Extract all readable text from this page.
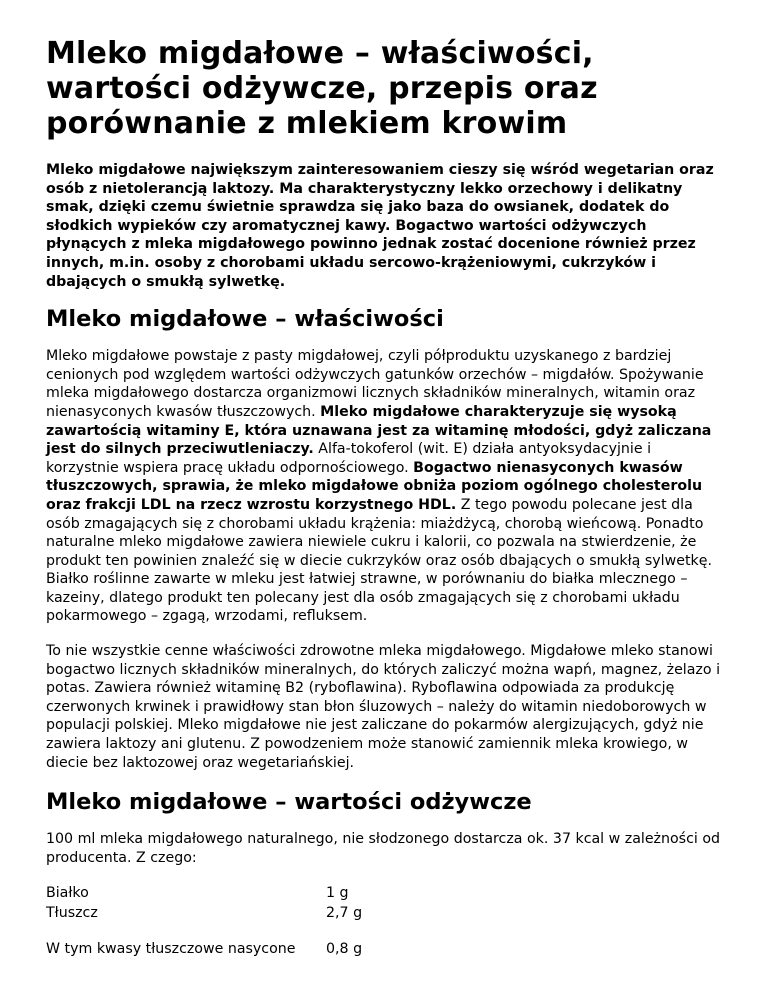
Mleko migdałowe – właściwości, wartości odżywcze, przepis oraz porównanie z mlekiem krowim

Mleko migdałowe największym zainteresowaniem cieszy się wśród wegetarian oraz osób z nietolerancją laktozy. Ma charakterystyczny lekko orzechowy i delikatny smak, dzięki czemu świetnie sprawdza się jako baza do owsianek, dodatek do słodkich wypieków czy aromatycznej kawy. Bogactwo wartości odżywczych płynących z mleka migdałowego powinno jednak zostać docenione również przez innych, m.in. osoby z chorobami układu sercowo-krążeniowymi, cukrzyków i dbających o smukłą sylwetkę.

Mleko migdałowe – właściwości

Mleko migdałowe powstaje z pasty migdałowej, czyli półproduktu uzyskanego z bardziej cenionych pod względem wartości odżywczych gatunków orzechów – migdałów. Spożywanie mleka migdałowego dostarcza organizmowi licznych składników mineralnych, witamin oraz nienasyconych kwasów tłuszczowych. Mleko migdałowe charakteryzuje się wysoką zawartością witaminy E, która uznawana jest za witaminę młodości, gdyż zaliczana jest do silnych przeciwutleniaczy. Alfa-tokoferol (wit. E) działa antyoksydacyjnie i korzystnie wspiera pracę układu odpornościowego. Bogactwo nienasyconych kwasów tłuszczowych, sprawia, że mleko migdałowe obniża poziom ogólnego cholesterolu oraz frakcji LDL na rzecz wzrostu korzystnego HDL. Z tego powodu polecane jest dla osób zmagających się z chorobami układu krążenia: miażdżycą, chorobą wieńcową. Ponadto naturalne mleko migdałowe zawiera niewiele cukru i kalorii, co pozwala na stwierdzenie, że produkt ten powinien znaleźć się w diecie cukrzyków oraz osób dbających o smukłą sylwetkę. Białko roślinne zawarte w mleku jest łatwiej strawne, w porównaniu do białka mlecznego – kazeiny, dlatego produkt ten polecany jest dla osób zmagających się z chorobami układu pokarmowego – zgagą, wrzodami, refluksem.

To nie wszystkie cenne właściwości zdrowotne mleka migdałowego. Migdałowe mleko stanowi bogactwo licznych składników mineralnych, do których zaliczyć można wapń, magnez, żelazo i potas. Zawiera również witaminę B2 (ryboflawina). Ryboflawina odpowiada za produkcję czerwonych krwinek i prawidłowy stan błon śluzowych – należy do witamin niedoborowych w populacji polskiej. Mleko migdałowe nie jest zaliczane do pokarmów alergizujących, gdyż nie zawiera laktozy ani glutenu. Z powodzeniem może stanowić zamiennik mleka krowiego, w diecie bez laktozowej oraz wegetariańskiej.

Mleko migdałowe – wartości odżywcze

100 ml mleka migdałowego naturalnego, nie słodzonego dostarcza ok. 37 kcal w zależności od producenta. Z czego:

Białko	1 g
Tłuszcz	2,7 g
W tym kwasy tłuszczowe nasycone	0,8 g
